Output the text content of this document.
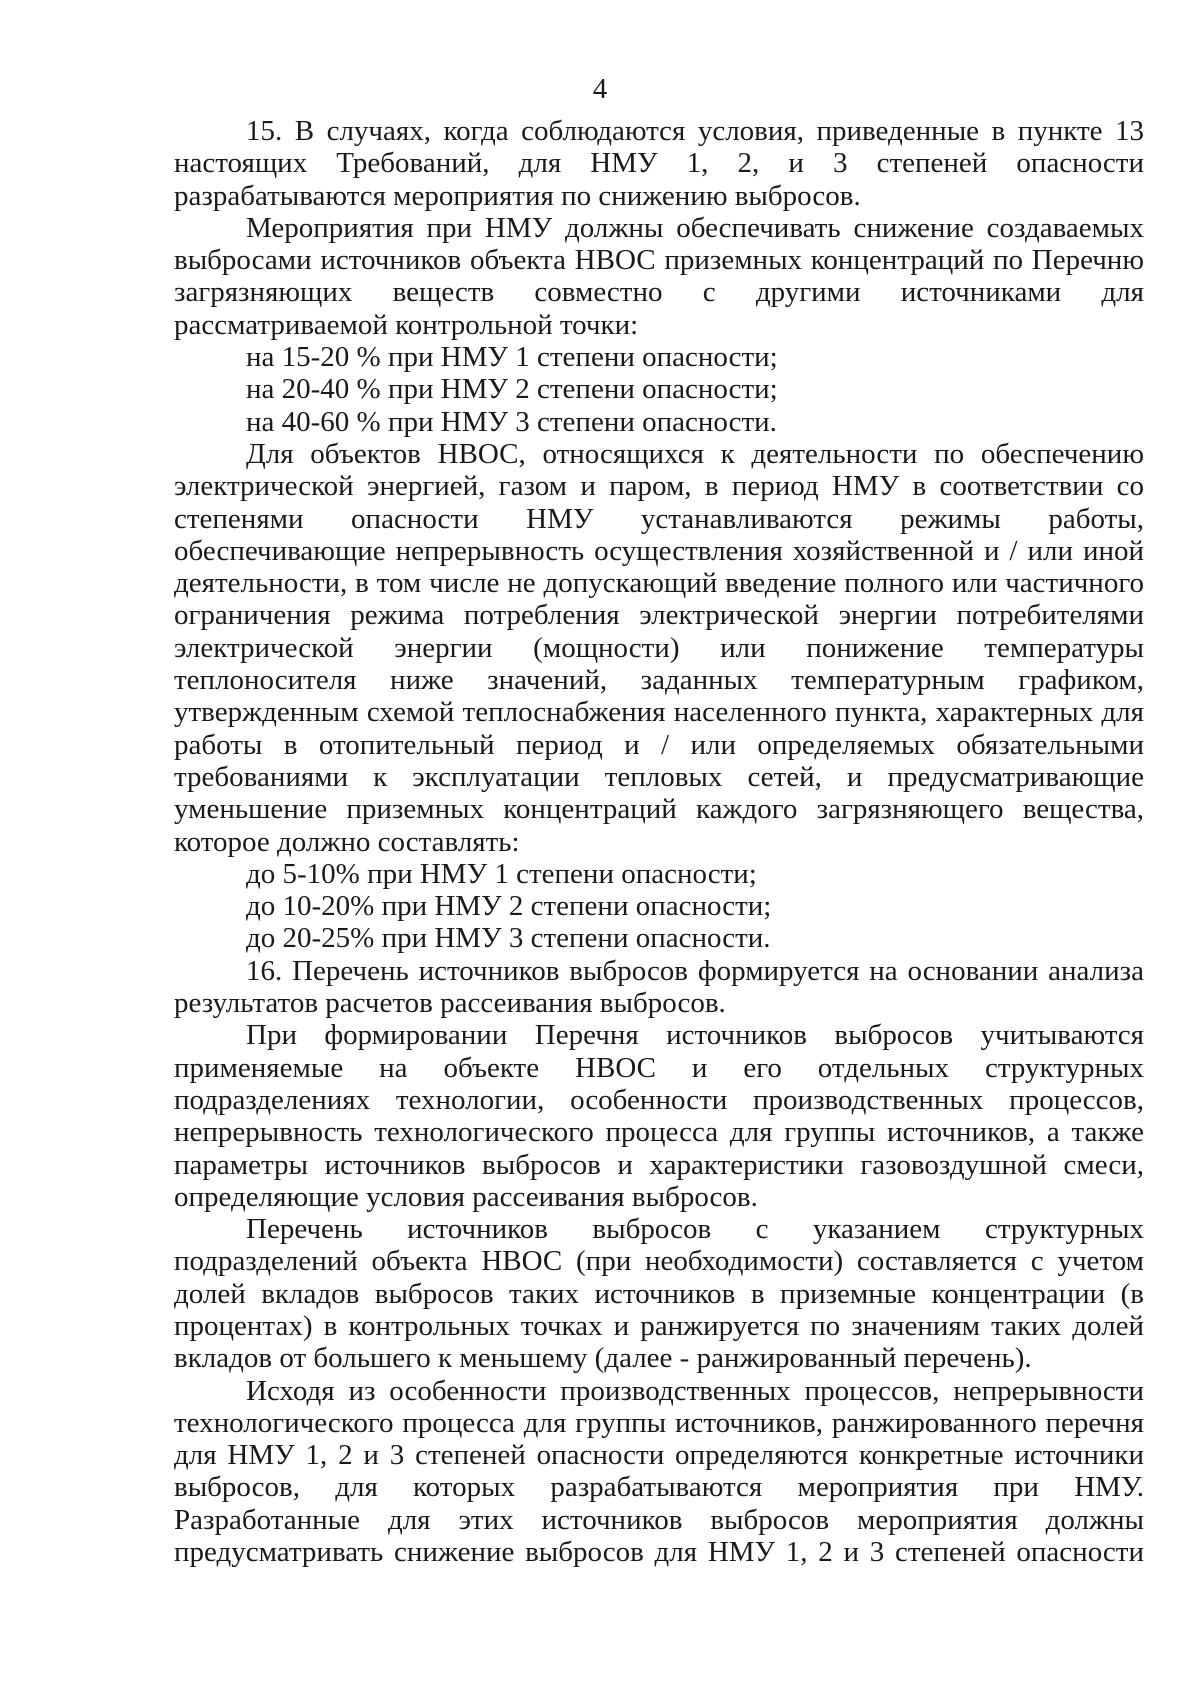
4

15. В случаях, когда соблюдаются условия, приведенные в пункте 13 настоящих Требований, для НМУ 1, 2, и 3 степеней опасности разрабатываются мероприятия по снижению выбросов.

Мероприятия при НМУ должны обеспечивать снижение создаваемых выбросами источников объекта НВОС приземных концентраций по Перечню загрязняющих веществ совместно с другими источниками для рассматриваемой контрольной точки:

на 15-20 % при НМУ 1 степени опасности;

на 20-40 % при НМУ 2 степени опасности;

на 40-60 % при НМУ 3 степени опасности.

Для объектов НВОС, относящихся к деятельности по обеспечению электрической энергией, газом и паром, в период НМУ в соответствии со степенями опасности НМУ устанавливаются режимы работы, обеспечивающие непрерывность осуществления хозяйственной и / или иной деятельности, в том числе не допускающий введение полного или частичного ограничения режима потребления электрической энергии потребителями электрической энергии (мощности) или понижение температуры теплоносителя ниже значений, заданных температурным графиком, утвержденным схемой теплоснабжения населенного пункта, характерных для работы в отопительный период и / или определяемых обязательными требованиями к эксплуатации тепловых сетей, и предусматривающие уменьшение приземных концентраций каждого загрязняющего вещества, которое должно составлять:

до 5-10% при НМУ 1 степени опасности;

до 10-20% при НМУ 2 степени опасности;

до 20-25% при НМУ 3 степени опасности.

16. Перечень источников выбросов формируется на основании анализа результатов расчетов рассеивания выбросов.

При формировании Перечня источников выбросов учитываются применяемые на объекте НВОС и его отдельных структурных подразделениях технологии, особенности производственных процессов, непрерывность технологического процесса для группы источников, а также параметры источников выбросов и характеристики газовоздушной смеси, определяющие условия рассеивания выбросов.

Перечень источников выбросов с указанием структурных подразделений объекта НВОС (при необходимости) составляется с учетом долей вкладов выбросов таких источников в приземные концентрации (в процентах) в контрольных точках и ранжируется по значениям таких долей вкладов от большего к меньшему (далее - ранжированный перечень).

Исходя из особенности производственных процессов, непрерывности технологического процесса для группы источников, ранжированного перечня для НМУ 1, 2 и 3 степеней опасности определяются конкретные источники выбросов, для которых разрабатываются мероприятия при НМУ. Разработанные для этих источников выбросов мероприятия должны предусматривать снижение выбросов для НМУ 1, 2 и 3 степеней опасности
